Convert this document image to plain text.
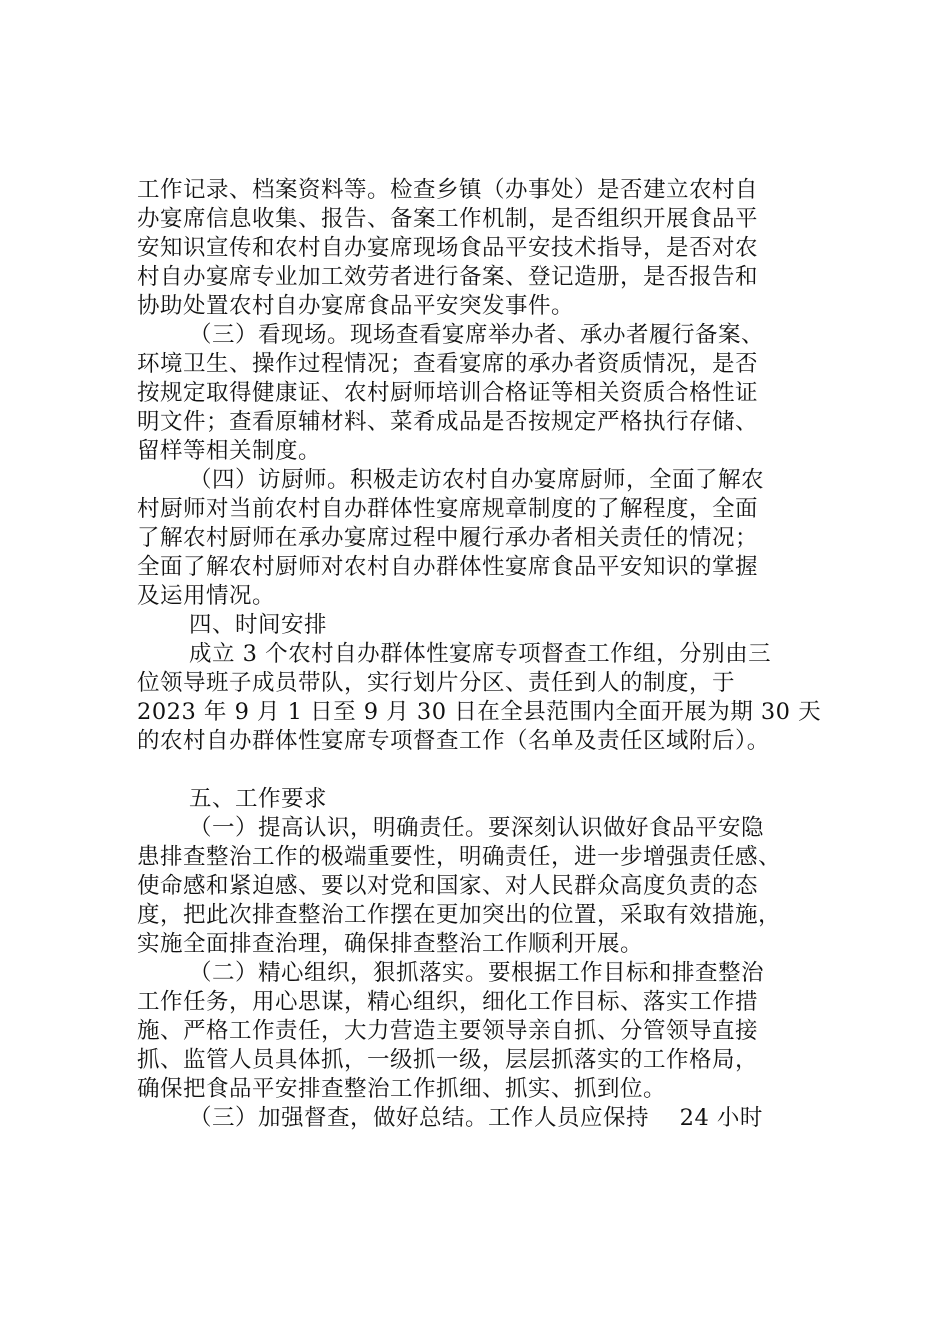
工作记录、档案资料等。检查乡镇（办事处）是否建立农村自
办宴席信息收集、报告、备案工作机制，是否组织开展食品平
安知识宣传和农村自办宴席现场食品平安技术指导，是否对农
村自办宴席专业加工效劳者进行备案、登记造册，是否报告和
协助处置农村自办宴席食品平安突发事件。
（三）看现场。现场查看宴席举办者、承办者履行备案、
环境卫生、操作过程情况；查看宴席的承办者资质情况，是否
按规定取得健康证、农村厨师培训合格证等相关资质合格性证
明文件；查看原辅材料、菜肴成品是否按规定严格执行存储、
留样等相关制度。
（四）访厨师。积极走访农村自办宴席厨师，全面了解农
村厨师对当前农村自办群体性宴席规章制度的了解程度，全面
了解农村厨师在承办宴席过程中履行承办者相关责任的情况；
全面了解农村厨师对农村自办群体性宴席食品平安知识的掌握
及运用情况。
四、时间安排
成立 3 个农村自办群体性宴席专项督查工作组，分别由三
位领导班子成员带队，实行划片分区、责任到人的制度，于
2023 年 9 月 1 日至 9 月 30 日在全县范围内全面开展为期 30 天
的农村自办群体性宴席专项督查工作（名单及责任区域附后）。
五、工作要求
（一）提高认识，明确责任。要深刻认识做好食品平安隐
患排查整治工作的极端重要性，明确责任，进一步增强责任感、
使命感和紧迫感、要以对党和国家、对人民群众高度负责的态
度，把此次排查整治工作摆在更加突出的位置，采取有效措施，
实施全面排查治理，确保排查整治工作顺利开展。
（二）精心组织，狠抓落实。要根据工作目标和排查整治
工作任务，用心思谋，精心组织，细化工作目标、落实工作措
施、严格工作责任，大力营造主要领导亲自抓、分管领导直接
抓、监管人员具体抓，一级抓一级，层层抓落实的工作格局，
确保把食品平安排查整治工作抓细、抓实、抓到位。
（三）加强督查，做好总结。工作人员应保持　 24 小时
